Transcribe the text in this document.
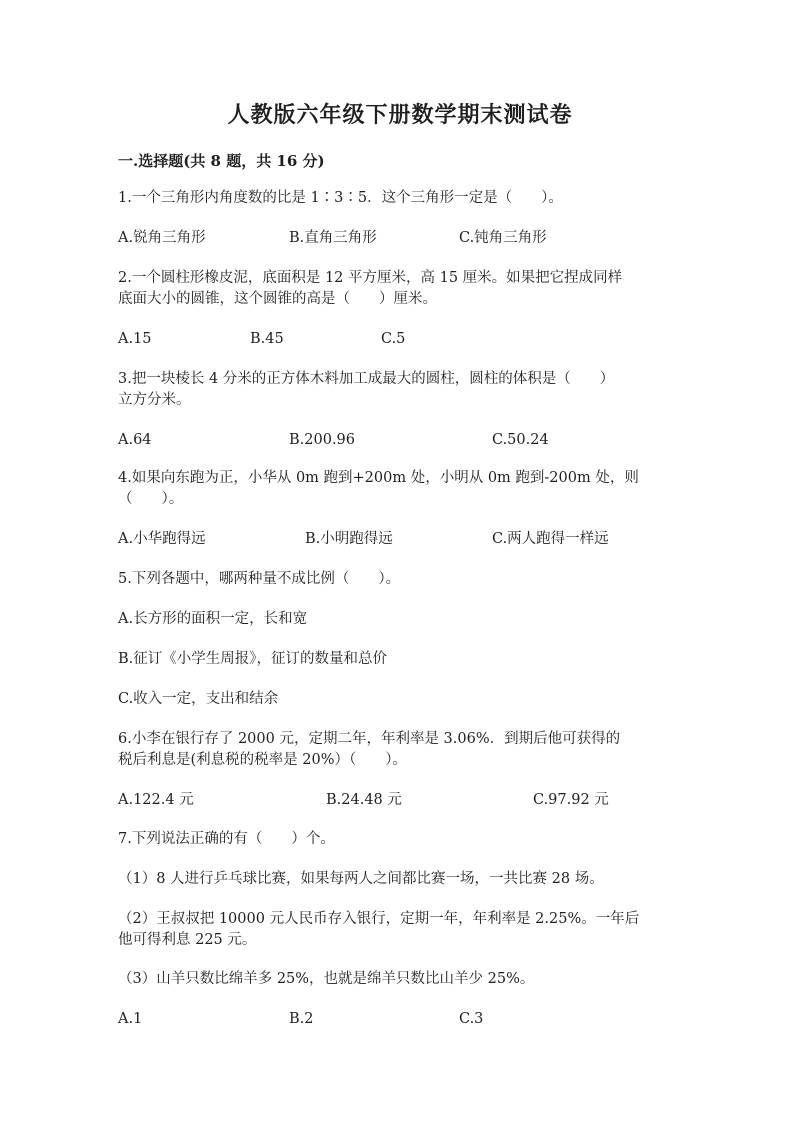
人教版六年级下册数学期末测试卷
一.选择题(共 8 题，共 16 分)
1.一个三角形内角度数的比是 1∶3∶5．这个三角形一定是（　　）。
A.锐角三角形	B.直角三角形	C.钝角三角形
2.一个圆柱形橡皮泥，底面积是 12 平方厘米，高 15 厘米。如果把它捏成同样
底面大小的圆锥，这个圆锥的高是（　　）厘米。
A.15	B.45	C.5
3.把一块棱长 4 分米的正方体木料加工成最大的圆柱，圆柱的体积是（　　）
立方分米。
A.64	B.200.96	C.50.24
4.如果向东跑为正，小华从 0m 跑到+200m 处，小明从 0m 跑到-200m 处，则
（　　）。
A.小华跑得远	B.小明跑得远	C.两人跑得一样远
5.下列各题中，哪两种量不成比例（　　）。
A.长方形的面积一定，长和宽
B.征订《小学生周报》，征订的数量和总价
C.收入一定，支出和结余
6.小李在银行存了 2000 元，定期二年，年利率是 3.06%．到期后他可获得的
税后利息是(利息税的税率是 20%）（　　）。
A.122.4 元	B.24.48 元	C.97.92 元
7.下列说法正确的有（　　）个。
（1）8 人进行乒乓球比赛，如果每两人之间都比赛一场，一共比赛 28 场。
（2）王叔叔把 10000 元人民币存入银行，定期一年，年利率是 2.25%。一年后
他可得利息 225 元。
（3）山羊只数比绵羊多 25%，也就是绵羊只数比山羊少 25%。
A.1	B.2	C.3
